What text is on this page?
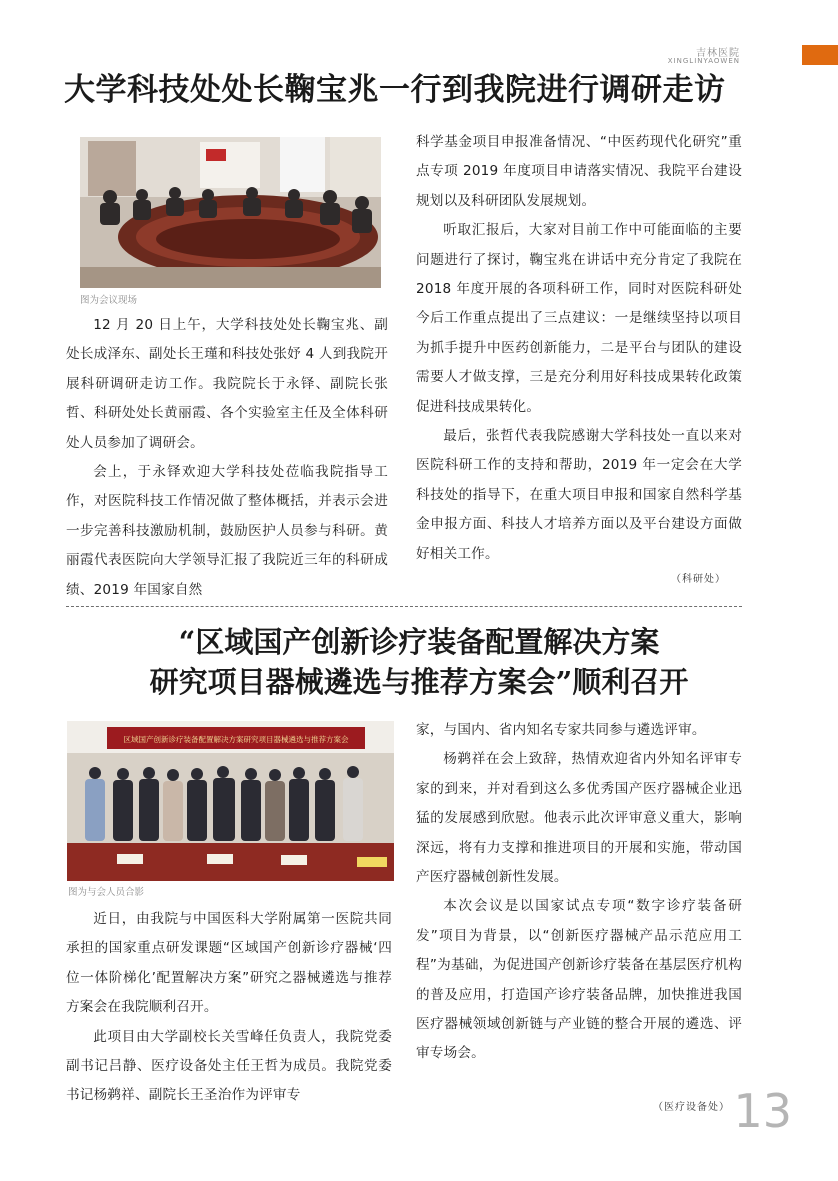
吉林医院
XINGLINYAOWEN
大学科技处处长鞠宝兆一行到我院进行调研走访
图为会议现场

12 月 20 日上午，大学科技处处长鞠宝兆、副处长成泽东、副处长王瑾和科技处张妤 4 人到我院开展科研调研走访工作。我院院长于永铎、副院长张哲、科研处处长黄丽霞、各个实验室主任及全体科研处人员参加了调研会。

会上，于永铎欢迎大学科技处莅临我院指导工作，对医院科技工作情况做了整体概括，并表示会进一步完善科技激励机制，鼓励医护人员参与科研。黄丽霞代表医院向大学领导汇报了我院近三年的科研成绩、2019 年国家自然

科学基金项目申报准备情况、“中医药现代化研究”重点专项 2019 年度项目申请落实情况、我院平台建设规划以及科研团队发展规划。

听取汇报后，大家对目前工作中可能面临的主要问题进行了探讨，鞠宝兆在讲话中充分肯定了我院在 2018 年度开展的各项科研工作，同时对医院科研处今后工作重点提出了三点建议：一是继续坚持以项目为抓手提升中医药创新能力，二是平台与团队的建设需要人才做支撑，三是充分利用好科技成果转化政策促进科技成果转化。

最后，张哲代表我院感谢大学科技处一直以来对医院科研工作的支持和帮助，2019 年一定会在大学科技处的指导下，在重大项目申报和国家自然科学基金申报方面、科技人才培养方面以及平台建设方面做好相关工作。

（科研处）
“区域国产创新诊疗装备配置解决方案
研究项目器械遴选与推荐方案会”顺利召开
区域国产创新诊疗装备配置解决方案研究项目器械遴选与推荐方案会
图为与会人员合影

近日，由我院与中国医科大学附属第一医院共同承担的国家重点研发课题“区域国产创新诊疗器械‘四位一体阶梯化’配置解决方案”研究之器械遴选与推荐方案会在我院顺利召开。

此项目由大学副校长关雪峰任负责人，我院党委副书记吕静、医疗设备处主任王哲为成员。我院党委书记杨鹈祥、副院长王圣治作为评审专

家，与国内、省内知名专家共同参与遴选评审。

杨鹈祥在会上致辞，热情欢迎省内外知名评审专家的到来，并对看到这么多优秀国产医疗器械企业迅猛的发展感到欣慰。他表示此次评审意义重大，影响深远，将有力支撑和推进项目的开展和实施，带动国产医疗器械创新性发展。

本次会议是以国家试点专项“数字诊疗装备研发”项目为背景，以“创新医疗器械产品示范应用工程”为基础，为促进国产创新诊疗装备在基层医疗机构的普及应用，打造国产诊疗装备品牌，加快推进我国医疗器械领域创新链与产业链的整合开展的遴选、评审专场会。

（医疗设备处） 13
